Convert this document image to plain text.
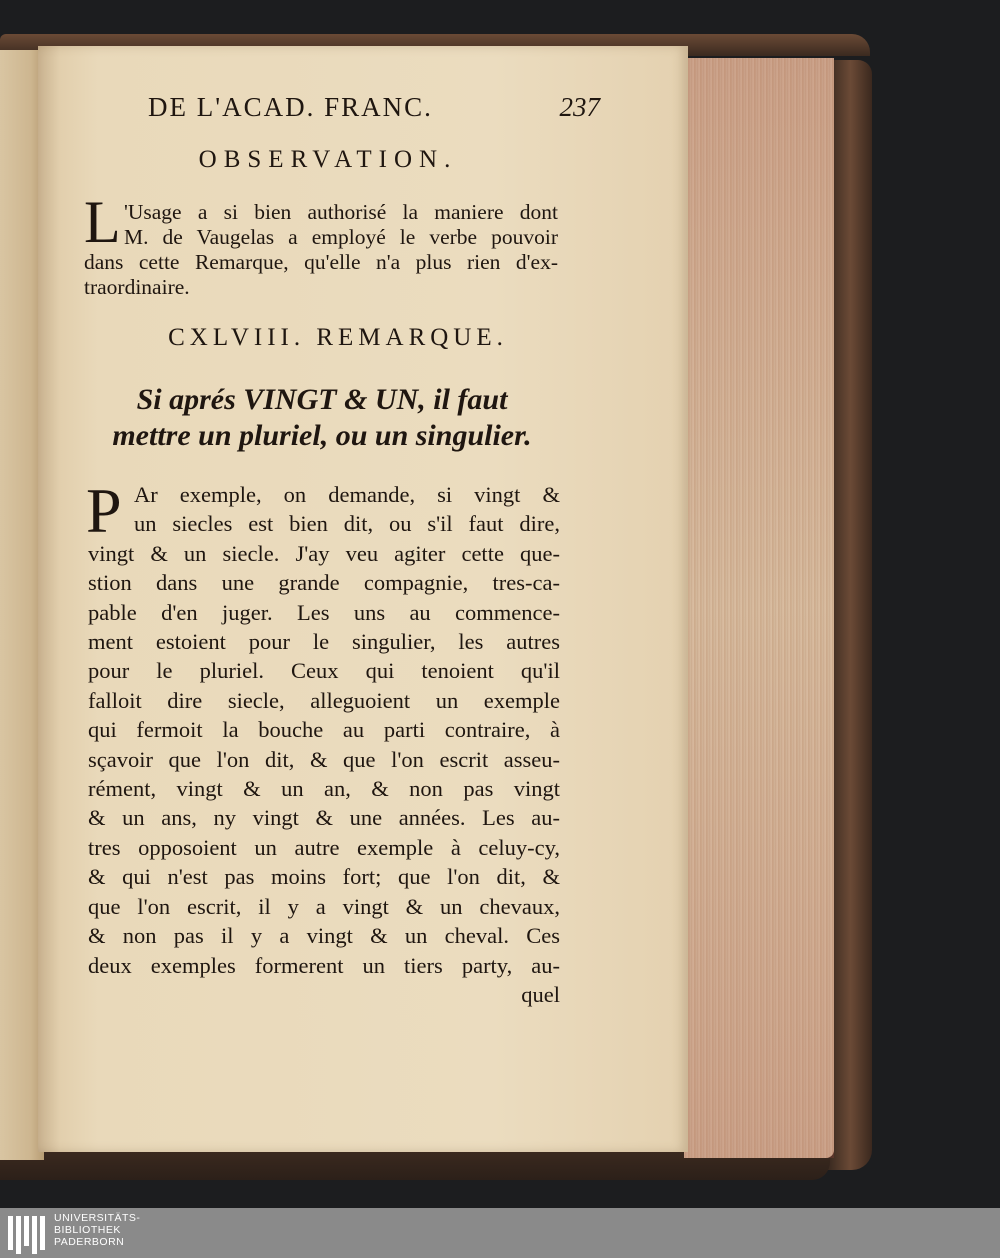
DE L'ACAD. FRANC.	237
OBSERVATION.
L 'Usage a si bien authorisé la maniere dont
M. de Vaugelas a employé le verbe pouvoir
dans cette Remarque, qu'elle n'a plus rien d'ex-
traordinaire.
CXLVIII. REMARQUE.
Si aprés VINGT & UN, il faut
mettre un pluriel, ou un singulier.
P Ar exemple, on demande, si vingt &
un siecles est bien dit, ou s'il faut dire,
vingt & un siecle. J'ay veu agiter cette que-
stion dans une grande compagnie, tres-ca-
pable d'en juger. Les uns au commence-
ment estoient pour le singulier, les autres
pour le pluriel. Ceux qui tenoient qu'il
falloit dire siecle, alleguoient un exemple
qui fermoit la bouche au parti contraire, à
sçavoir que l'on dit, & que l'on escrit asseu-
rément, vingt & un an, & non pas vingt
& un ans, ny vingt & une années. Les au-
tres opposoient un autre exemple à celuy-cy,
& qui n'est pas moins fort; que l'on dit, &
que l'on escrit, il y a vingt & un chevaux,
& non pas il y a vingt & un cheval. Ces
deux exemples formerent un tiers party, au-
quel
UNIVERSITÄTS-
BIBLIOTHEK
PADERBORN
